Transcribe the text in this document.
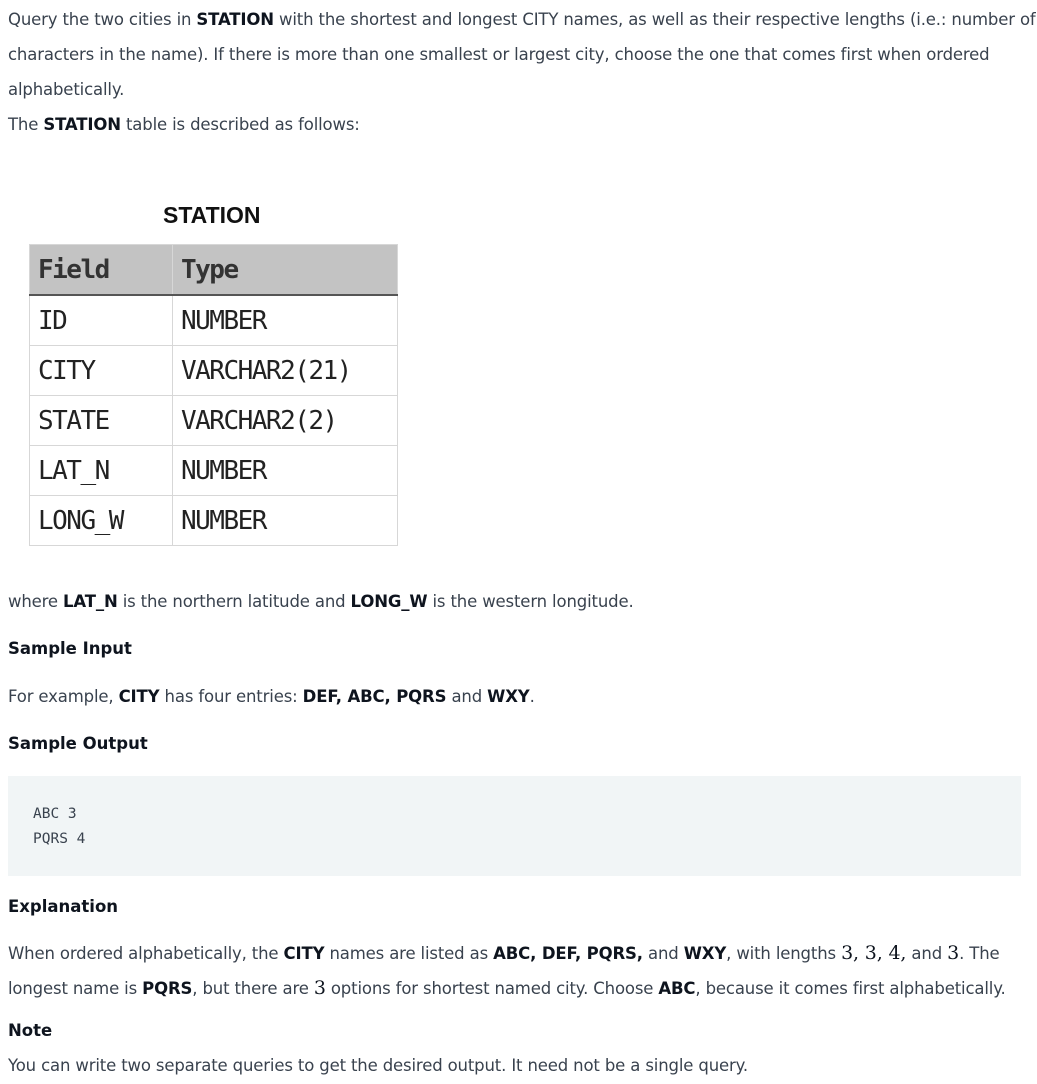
Query the two cities in STATION with the shortest and longest CITY names, as well as their respective lengths (i.e.: number of

characters in the name). If there is more than one smallest or largest city, choose the one that comes first when ordered

alphabetically.

The STATION table is described as follows:

STATION
Field	Type
ID	NUMBER
CITY	VARCHAR2(21)
STATE	VARCHAR2(2)
LAT_N	NUMBER
LONG_W	NUMBER

where LAT_N is the northern latitude and LONG_W is the western longitude.

Sample Input

For example, CITY has four entries: DEF, ABC, PQRS and WXY.

Sample Output
ABC 3
PQRS 4
Explanation

When ordered alphabetically, the CITY names are listed as ABC, DEF, PQRS, and WXY, with lengths 3, 3, 4, and 3. The

longest name is PQRS, but there are 3 options for shortest named city. Choose ABC, because it comes first alphabetically.

Note

You can write two separate queries to get the desired output. It need not be a single query.
